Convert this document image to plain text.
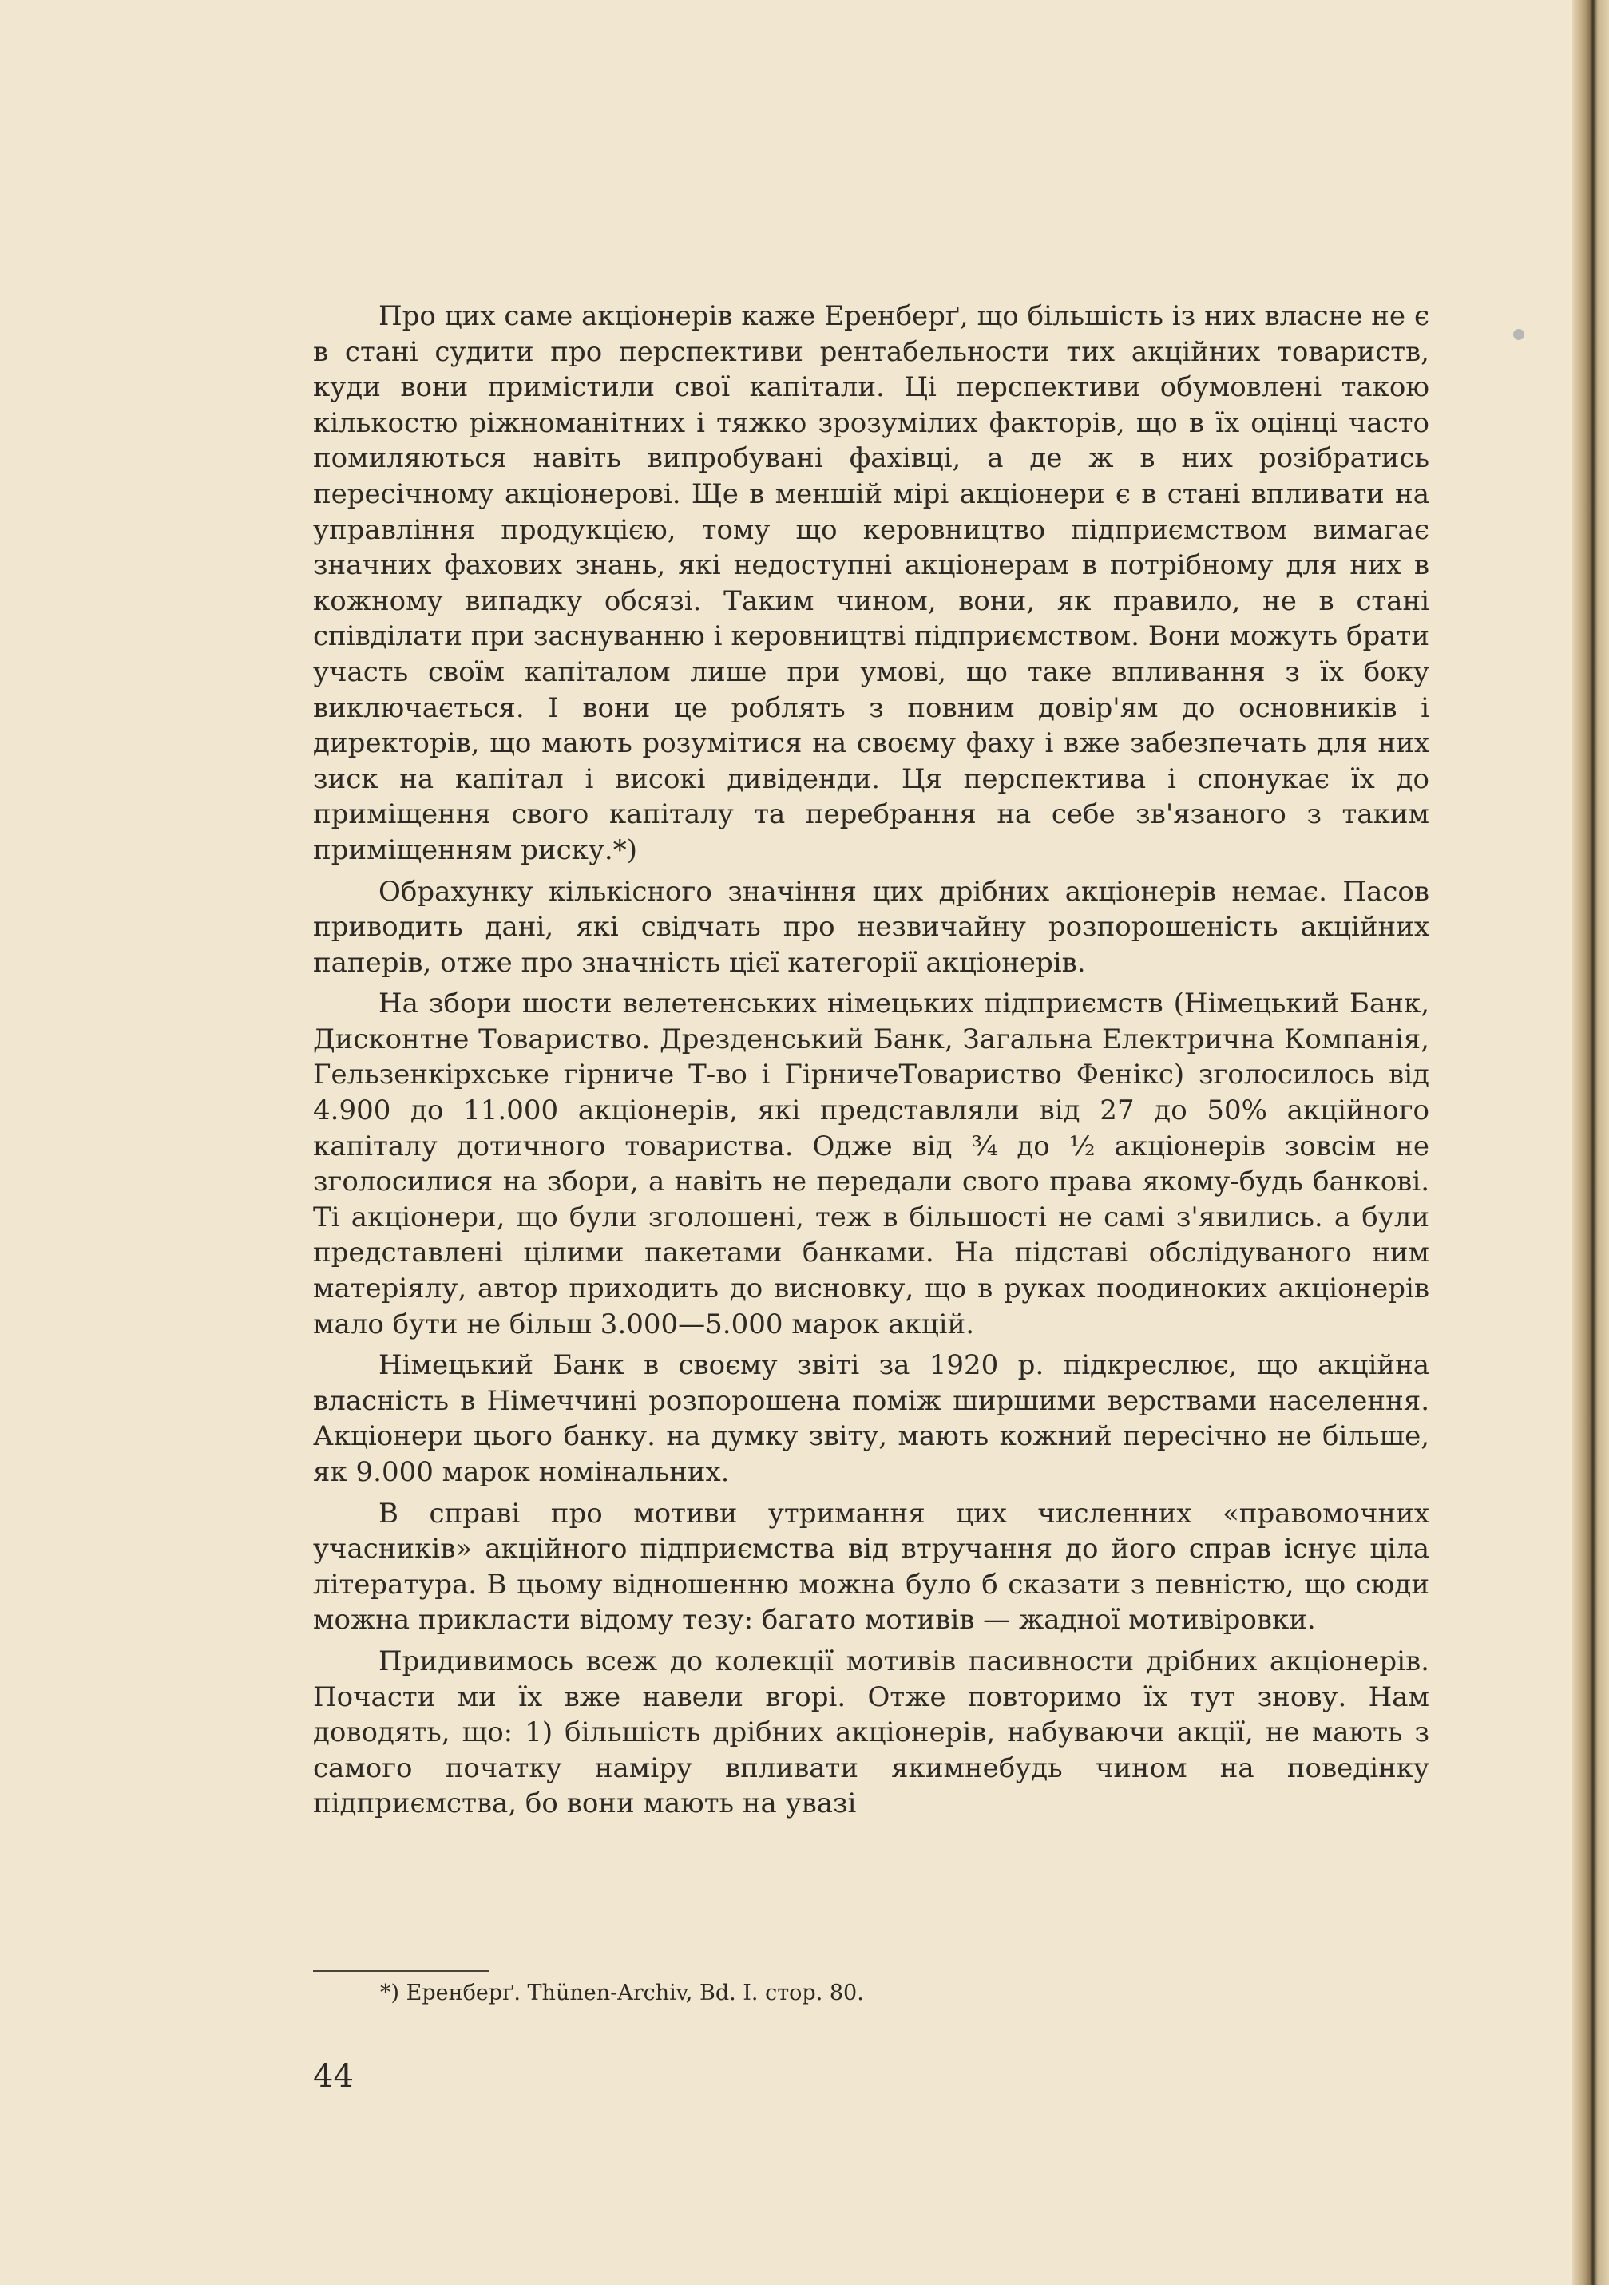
Про цих саме акціонерів каже Еренберґ, що більшість із них власне не є в стані судити про перспективи рентабельности тих акційних товариств, куди вони примістили свої капітали. Ці перспективи обумовлені такою кількостю ріжноманітних і тяжко зрозумілих факторів, що в їх оцінці часто помиляються навіть випробувані фахівці, а де ж в них розібратись пересічному акціонерові. Ще в меншій мірі акціонери є в стані впливати на управління продукцією, тому що керовництво підприємством вимагає значних фахових знань, які недоступні акціонерам в потрібному для них в кожному випадку обсязі. Таким чином, вони, як правило, не в стані співділати при заснуванню і керовництві підприємством. Вони можуть брати участь своїм капіталом лише при умові, що таке впливання з їх боку виключається. І вони це роблять з повним довір'ям до основників і директорів, що мають розумітися на своєму фаху і вже забезпечать для них зиск на капітал і високі дивіденди. Ця перспектива і спонукає їх до приміщення свого капіталу та перебрання на себе зв'язаного з таким приміщенням риску.*)

Обрахунку кількісного значіння цих дрібних акціонерів немає. Пасов приводить дані, які свідчать про незвичайну розпорошеність акційних паперів, отже про значність цієї категорії акціонерів.

На збори шости велетенських німецьких підприємств (Німецький Банк, Дисконтне Товариство. Дрезденський Банк, Загальна Електрична Компанія, Гельзенкірхське гірниче Т-во і ГірничеТовариство Фенікс) зголосилось від 4.900 до 11.000 акціонерів, які представляли від 27 до 50% акційного капіталу дотичного товариства. Одже від ¾ до ½ акціонерів зовсім не зголосилися на збори, а навіть не передали свого права якому-будь банкові. Ті акціонери, що були зголошені, теж в більшості не самі з'явились. а були представлені цілими пакетами банками. На підставі обслідуваного ним матеріялу, автор приходить до висновку, що в руках поодиноких акціонерів мало бути не більш 3.000—5.000 марок акцій.

Німецький Банк в своєму звіті за 1920 р. підкреслює, що акційна власність в Німеччині розпорошена поміж ширшими верствами населення. Акціонери цього банку. на думку звіту, мають кожний пересічно не більше, як 9.000 марок номінальних.

В справі про мотиви утримання цих численних «правомочних учасників» акційного підприємства від втручання до його справ існує ціла література. В цьому відношенню можна було б сказати з певністю, що сюди можна прикласти відому тезу: багато мотивів — жадної мотивіровки.

Придивимось всеж до колекції мотивів пасивности дрібних акціонерів. Почасти ми їх вже навели вгорі. Отже повторимо їх тут знову. Нам доводять, що: 1) більшість дрібних акціонерів, набуваючи акції, не мають з самого початку наміру впливати якимнебудь чином на поведінку підприємства, бо вони мають на увазі

*) Еренберґ. Thünen-Archiv, Bd. I. стор. 80.
44
